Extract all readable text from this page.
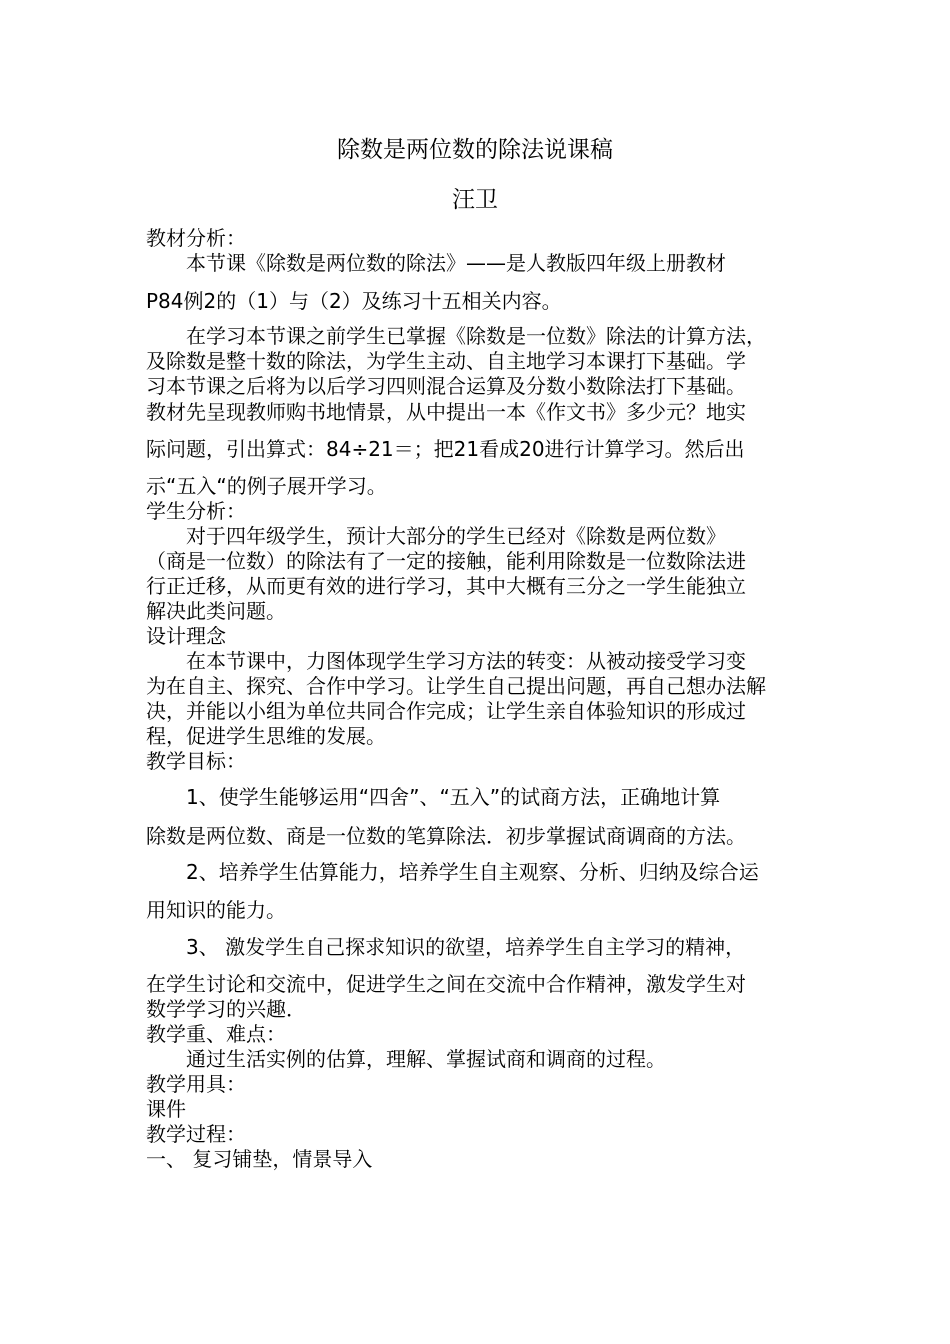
除数是两位数的除法说课稿
汪卫
教材分析：
　　本节课《除数是两位数的除法》——是人教版四年级上册教材
P84例2的（1）与（2）及练习十五相关内容。
　　在学习本节课之前学生已掌握《除数是一位数》除法的计算方法，
及除数是整十数的除法，为学生主动、自主地学习本课打下基础。学
习本节课之后将为以后学习四则混合运算及分数小数除法打下基础。
教材先呈现教师购书地情景，从中提出一本《作文书》多少元？地实
际问题，引出算式：84÷21＝；把21看成20进行计算学习。然后出
示“五入“的例子展开学习。
学生分析：
　　对于四年级学生，预计大部分的学生已经对《除数是两位数》
（商是一位数）的除法有了一定的接触，能利用除数是一位数除法进
行正迁移，从而更有效的进行学习，其中大概有三分之一学生能独立
解决此类问题。
设计理念
　　在本节课中，力图体现学生学习方法的转变：从被动接受学习变
为在自主、探究、合作中学习。让学生自己提出问题，再自己想办法解
决，并能以小组为单位共同合作完成；让学生亲自体验知识的形成过
程，促进学生思维的发展。
教学目标：
　　1、使学生能够运用“四舍”、“五入”的试商方法，正确地计算
除数是两位数、商是一位数的笔算除法．初步掌握试商调商的方法。
　　2、培养学生估算能力，培养学生自主观察、分析、归纳及综合运
用知识的能力。
　　3、 激发学生自己探求知识的欲望，培养学生自主学习的精神，
在学生讨论和交流中，促进学生之间在交流中合作精神，激发学生对
数学学习的兴趣．
教学重、难点：
　　通过生活实例的估算，理解、掌握试商和调商的过程。
教学用具：
课件
教学过程：
一、 复习铺垫，情景导入
